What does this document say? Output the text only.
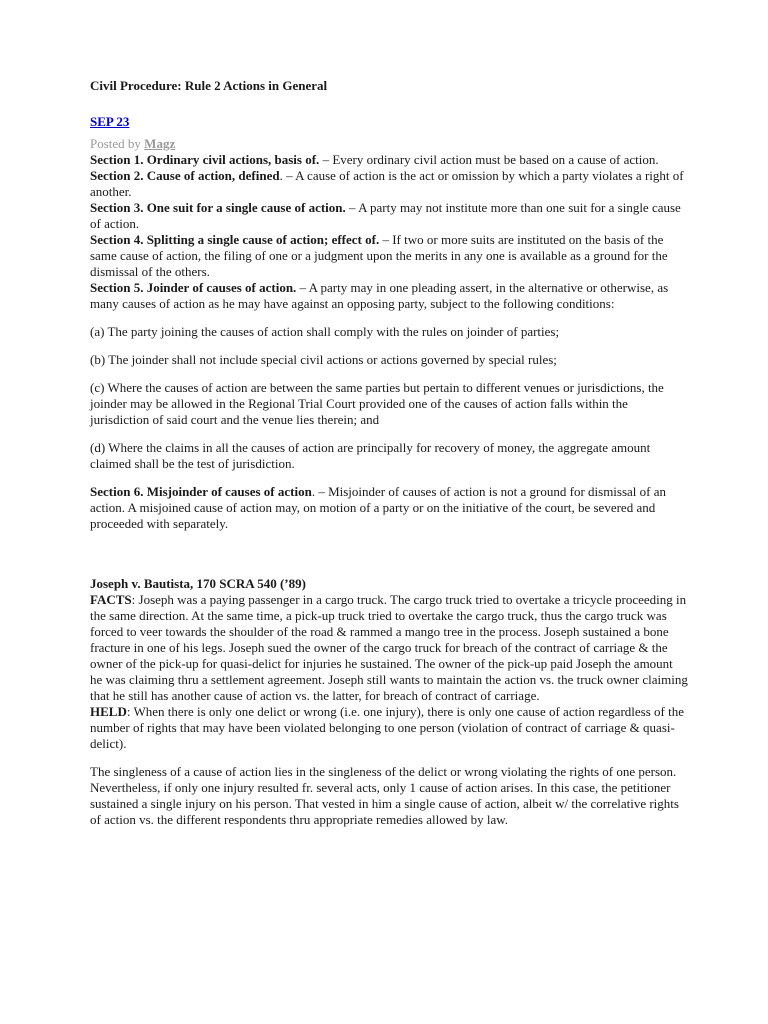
Civil Procedure: Rule 2 Actions in General
SEP 23
Posted by Magz

Section 1. Ordinary civil actions, basis of. – Every ordinary civil action must be based on a cause of action.

Section 2. Cause of action, defined. – A cause of action is the act or omission by which a party violates a right of another.

Section 3. One suit for a single cause of action. – A party may not institute more than one suit for a single cause of action.

Section 4. Splitting a single cause of action; effect of. – If two or more suits are instituted on the basis of the same cause of action, the filing of one or a judgment upon the merits in any one is available as a ground for the dismissal of the others.

Section 5. Joinder of causes of action. – A party may in one pleading assert, in the alternative or otherwise, as many causes of action as he may have against an opposing party, subject to the following conditions:

(a) The party joining the causes of action shall comply with the rules on joinder of parties;

(b) The joinder shall not include special civil actions or actions governed by special rules;

(c) Where the causes of action are between the same parties but pertain to different venues or jurisdictions, the joinder may be allowed in the Regional Trial Court provided one of the causes of action falls within the jurisdiction of said court and the venue lies therein; and

(d) Where the claims in all the causes of action are principally for recovery of money, the aggregate amount claimed shall be the test of jurisdiction.

Section 6. Misjoinder of causes of action. – Misjoinder of causes of action is not a ground for dismissal of an action. A misjoined cause of action may, on motion of a party or on the initiative of the court, be severed and proceeded with separately.

Joseph v. Bautista, 170 SCRA 540 (’89)

FACTS: Joseph was a paying passenger in a cargo truck. The cargo truck tried to overtake a tricycle proceeding in the same direction. At the same time, a pick-up truck tried to overtake the cargo truck, thus the cargo truck was forced to veer towards the shoulder of the road & rammed a mango tree in the process. Joseph sustained a bone fracture in one of his legs. Joseph sued the owner of the cargo truck for breach of the contract of carriage & the owner of the pick-up for quasi-delict for injuries he sustained. The owner of the pick-up paid Joseph the amount he was claiming thru a settlement agreement. Joseph still wants to maintain the action vs. the truck owner claiming that he still has another cause of action vs. the latter, for breach of contract of carriage.

HELD: When there is only one delict or wrong (i.e. one injury), there is only one cause of action regardless of the number of rights that may have been violated belonging to one person (violation of contract of carriage & quasi-delict).

The singleness of a cause of action lies in the singleness of the delict or wrong violating the rights of one person. Nevertheless, if only one injury resulted fr. several acts, only 1 cause of action arises. In this case, the petitioner sustained a single injury on his person. That vested in him a single cause of action, albeit w/ the correlative rights of action vs. the different respondents thru appropriate remedies allowed by law.
